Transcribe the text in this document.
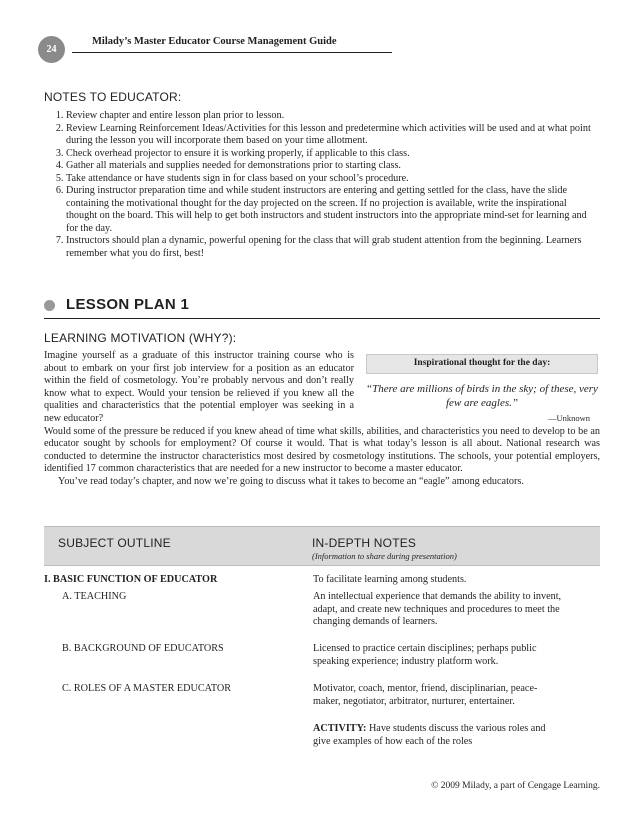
24
Milady’s Master Educator Course Management Guide
NOTES TO EDUCATOR:
1. Review chapter and entire lesson plan prior to lesson.
2. Review Learning Reinforcement Ideas/Activities for this lesson and predetermine which activities will be used and at what point during the lesson you will incorporate them based on your time allotment.
3. Check overhead projector to ensure it is working properly, if applicable to this class.
4. Gather all materials and supplies needed for demonstrations prior to starting class.
5. Take attendance or have students sign in for class based on your school’s procedure.
6. During instructor preparation time and while student instructors are entering and getting settled for the class, have the slide containing the motivational thought for the day projected on the screen. If no projection is available, write the inspirational thought on the board. This will help to get both instructors and student instructors into the appropriate mind-set for learning and for the day.
7. Instructors should plan a dynamic, powerful opening for the class that will grab student attention from the beginning. Learners remember what you do first, best!
LESSON PLAN 1
LEARNING MOTIVATION (WHY?):
Imagine yourself as a graduate of this instructor training course who is about to embark on your first job interview for a position as an educator within the field of cosmetology. You’re probably nervous and don’t really know what to expect. Would your tension be relieved if you knew all the qualities and characteristics that the potential employer was seeking in a new educator?
Inspirational thought for the day:
“There are millions of birds in the sky; of these, very few are eagles.”
—Unknown

Would some of the pressure be reduced if you knew ahead of time what skills, abilities, and characteristics you need to develop to be an educator sought by schools for employment? Of course it would. That is what today’s lesson is all about. National research was conducted to determine the instructor characteristics most desired by cosmetology institutions. The schools, your potential employers, identified 17 common characteristics that are needed for a new instructor to become a master educator.

You’ve read today’s chapter, and now we’re going to discuss what it takes to become an “eagle” among educators.

SUBJECT OUTLINE	IN-DEPTH NOTES
(Information to share during presentation)
I. BASIC FUNCTION OF EDUCATOR	To facilitate learning among students.
A. TEACHING	An intellectual experience that demands the ability to invent, adapt, and create new techniques and procedures to meet the changing demands of learners.
B. BACKGROUND OF EDUCATORS	Licensed to practice certain disciplines; perhaps public speaking experience; industry platform work.
C. ROLES OF A MASTER EDUCATOR	Motivator, coach, mentor, friend, disciplinarian, peace-maker, negotiator, arbitrator, nurturer, entertainer.
ACTIVITY: Have students discuss the various roles and give examples of how each of the roles
© 2009 Milady, a part of Cengage Learning.
